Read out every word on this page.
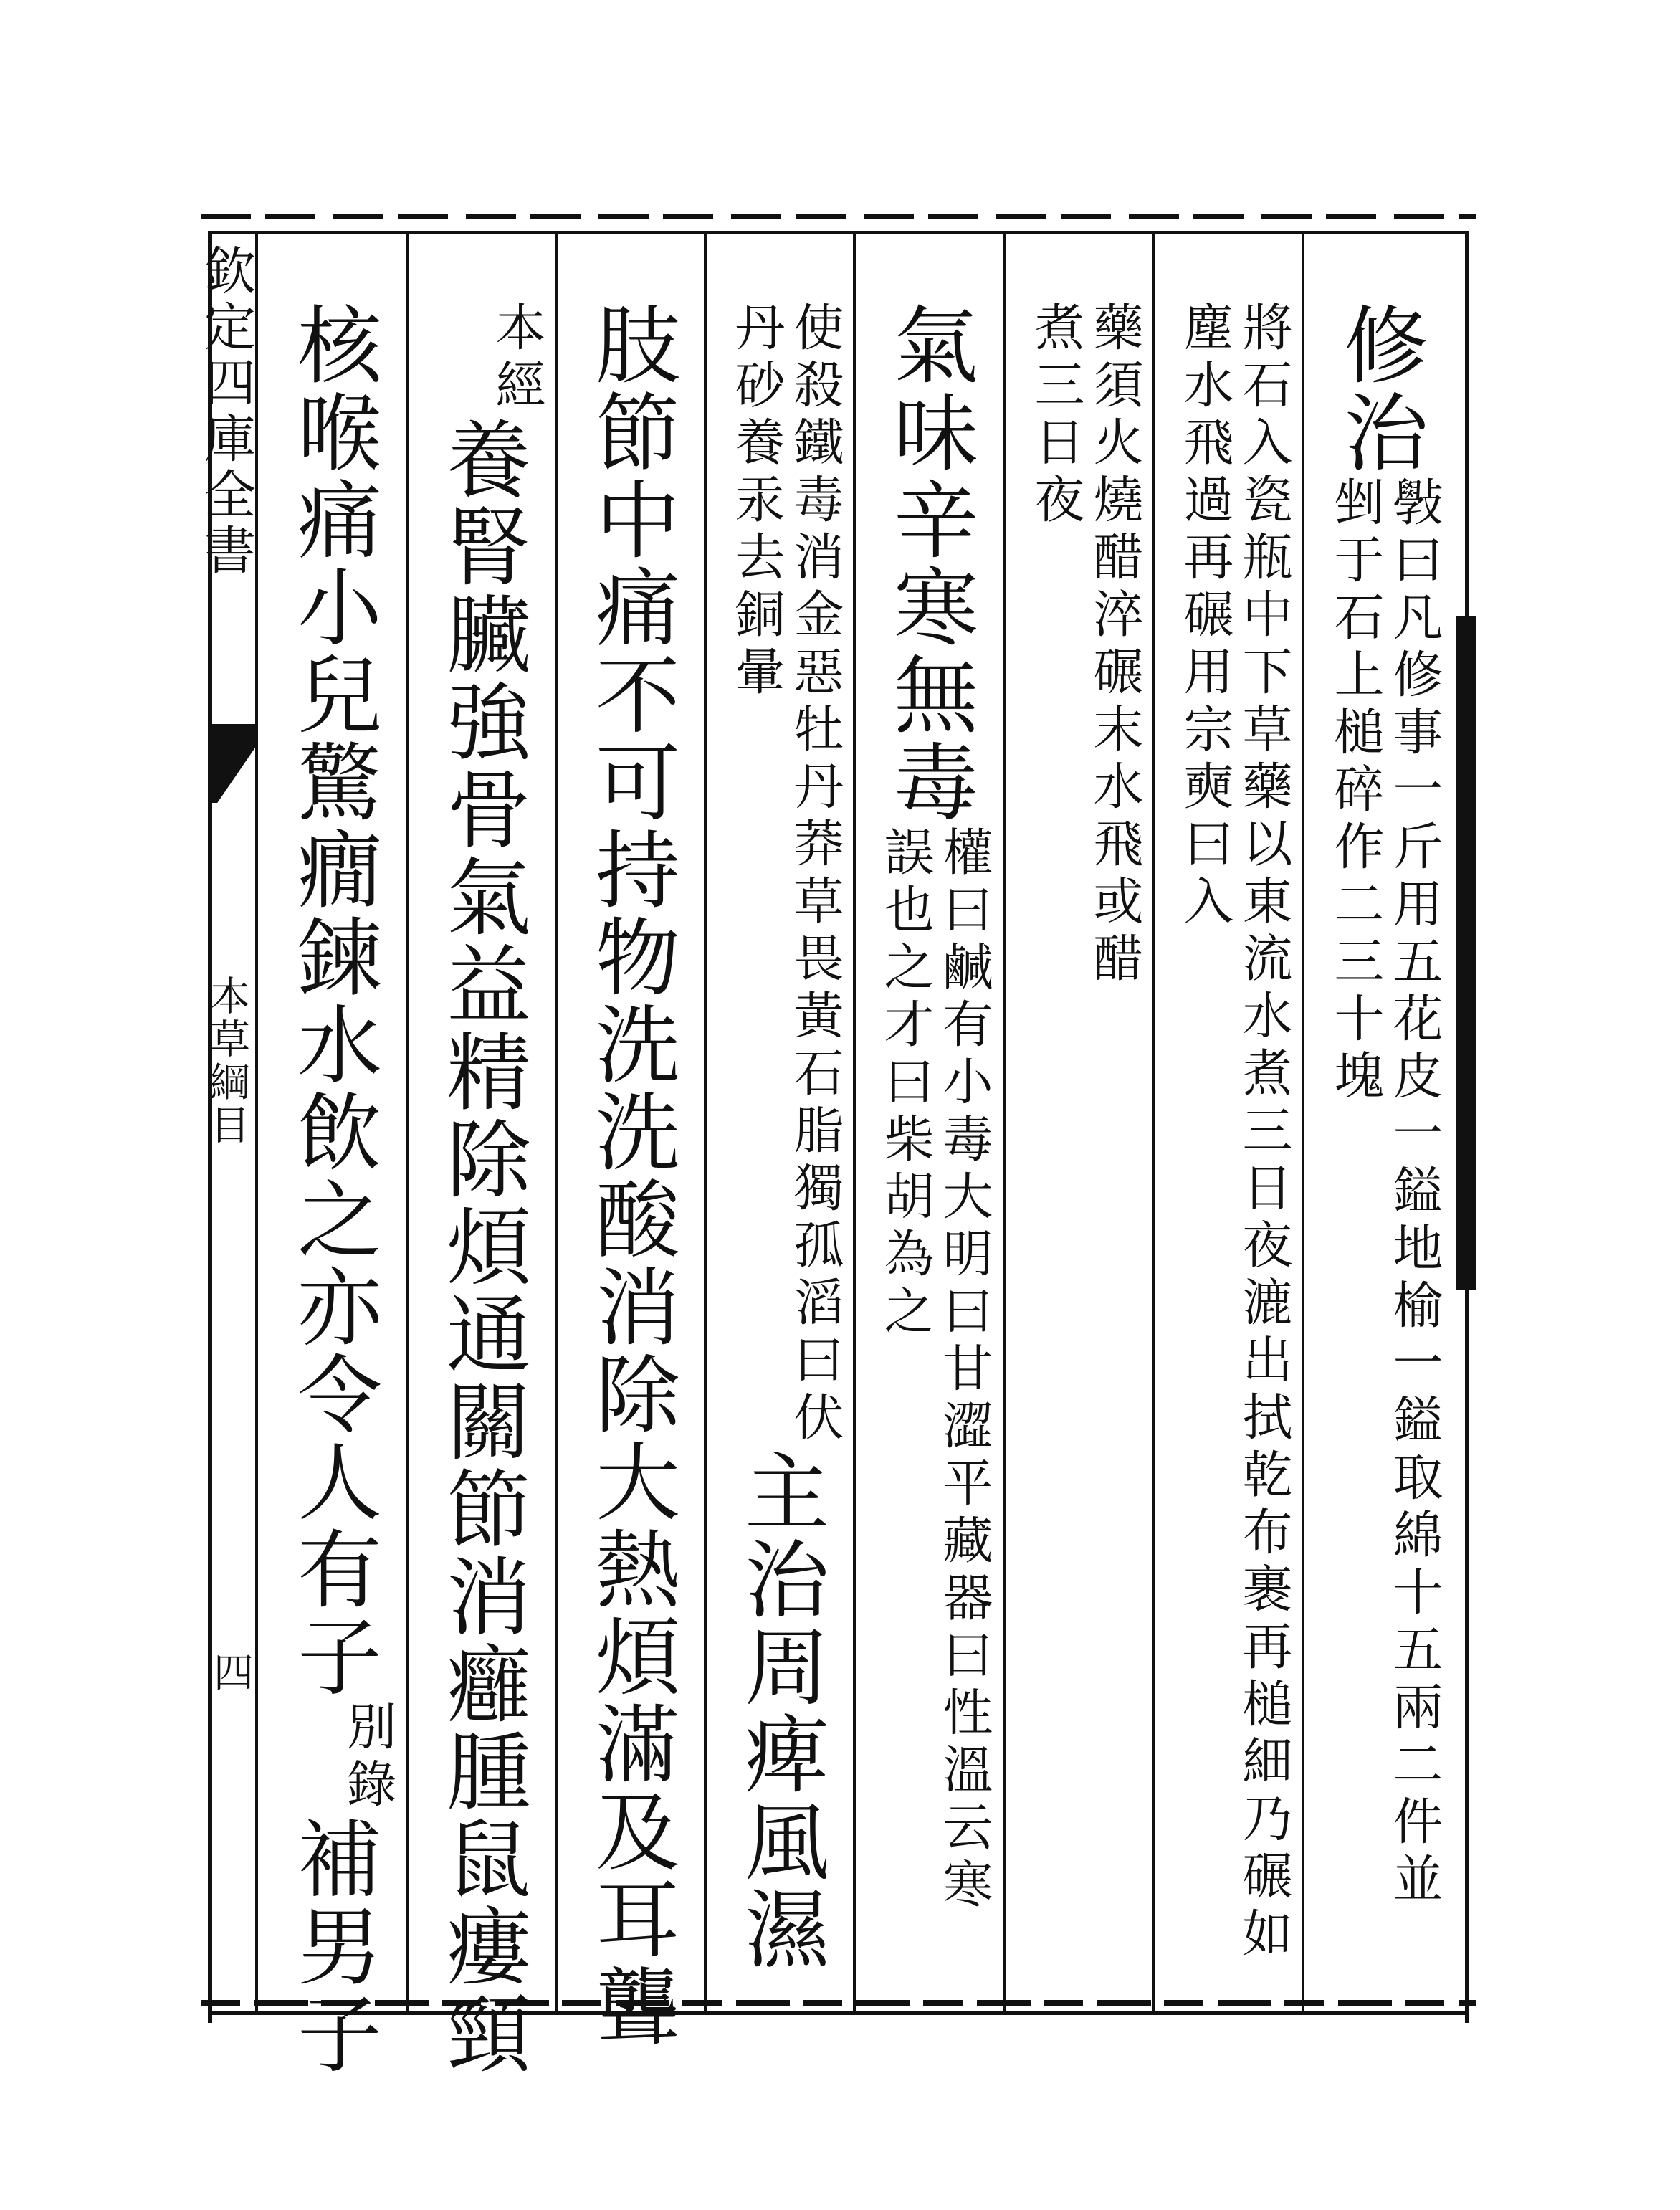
欽定四庫全書
本草綱目
四
修治
斅曰凡修事一斤用五花皮一鎰地榆一鎰取綿十五兩二件並剉于石上槌碎作二三十塊
將石入瓷瓶中下草藥以東流水煮三日夜漉出拭乾布裹再槌細乃碾如塵水飛過再碾用宗奭曰入
藥須火燒醋淬碾末水飛或醋煮三日夜
氣味辛寒無毒
權曰鹹有小毒大明曰甘澀平藏器曰性溫云寒誤也之才曰柴胡為之
使殺鐵毒消金惡牡丹莽草畏黃石脂獨孤滔曰伏丹砂養汞去銅暈
主治周痺風濕
肢節中痛不可持物洗洗酸消除大熱煩滿及耳聾
本經
養腎臟強骨氣益精除煩通關節消癰腫鼠瘻頸
核喉痛小兒驚癇鍊水飲之亦令人有子
別錄
補男子
